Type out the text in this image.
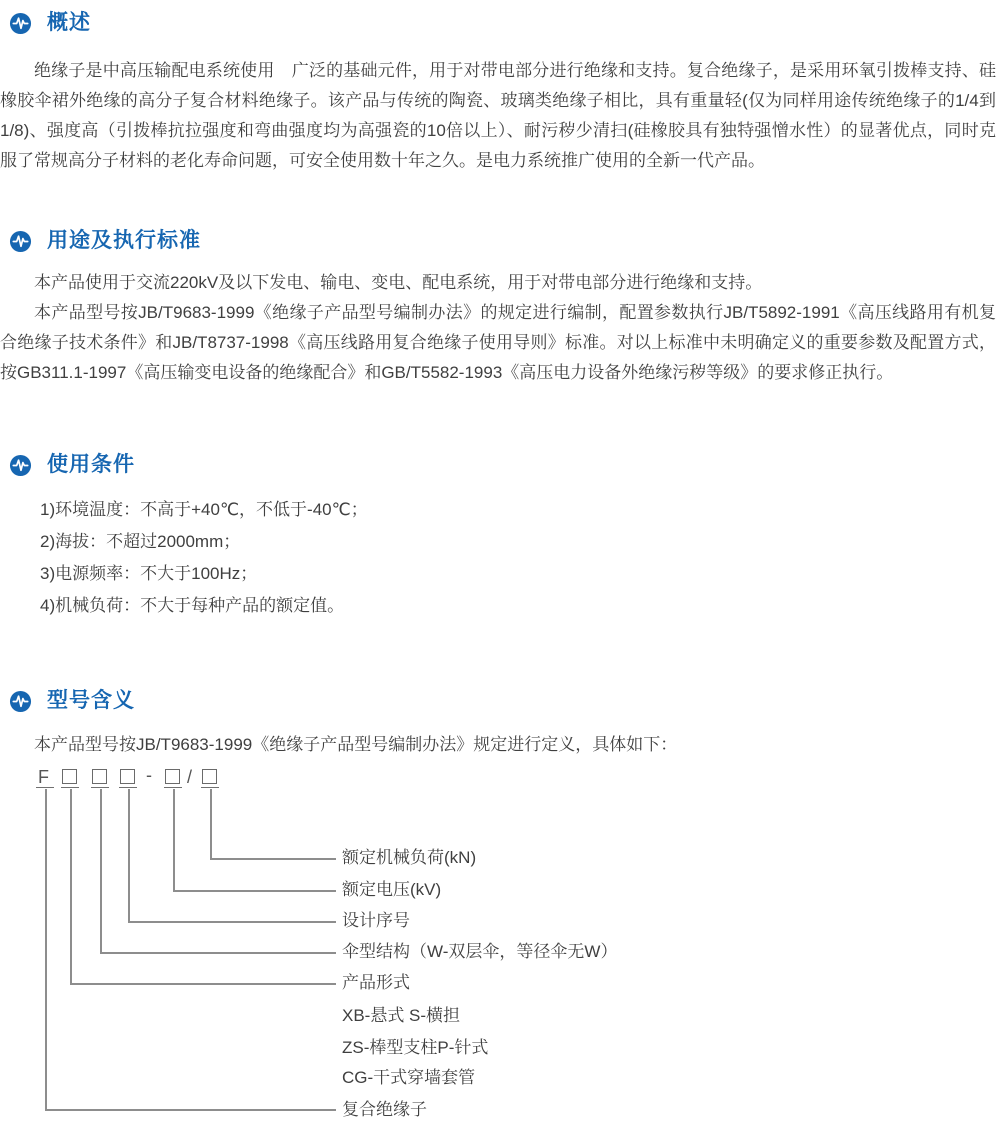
概述

绝缘子是中高压输配电系统使用　广泛的基础元件，用于对带电部分进行绝缘和支持。复合绝缘子，是采用环氧引拨棒支持、硅橡胶伞裙外绝缘的高分子复合材料绝缘子。该产品与传统的陶瓷、玻璃类绝缘子相比，具有重量轻(仅为同样用途传统绝缘子的1/4到1/8)、强度高（引拨棒抗拉强度和弯曲强度均为高强瓷的10倍以上）、耐污秽少清扫(硅橡胶具有独特强憎水性）的显著优点，同时克服了常规高分子材料的老化寿命问题，可安全使用数十年之久。是电力系统推广使用的全新一代产品。

用途及执行标准

本产品使用于交流220kV及以下发电、输电、变电、配电系统，用于对带电部分进行绝缘和支持。

本产品型号按JB/T9683-1999《绝缘子产品型号编制办法》的规定进行编制，配置参数执行JB/T5892-1991《高压线路用有机复合绝缘子技术条件》和JB/T8737-1998《高压线路用复合绝缘子使用导则》标准。对以上标准中未明确定义的重要参数及配置方式，按GB311.1-1997《高压输变电设备的绝缘配合》和GB/T5582-1993《高压电力设备外绝缘污秽等级》的要求修正执行。

使用条件
1)环境温度：不高于+40℃，不低于-40℃；
2)海拔：不超过2000mm；
3)电源频率：不大于100Hz；
4)机械负荷：不大于每种产品的额定值。
型号含义

本产品型号按JB/T9683-1999《绝缘子产品型号编制办法》规定进行定义，具体如下：

F	- /
额定机械负荷(kN)
额定电压(kV)
设计序号
伞型结构（W-双层伞，等径伞无W）
产品形式
XB-悬式 S-横担
ZS-棒型支柱P-针式
CG-干式穿墙套管
复合绝缘子
